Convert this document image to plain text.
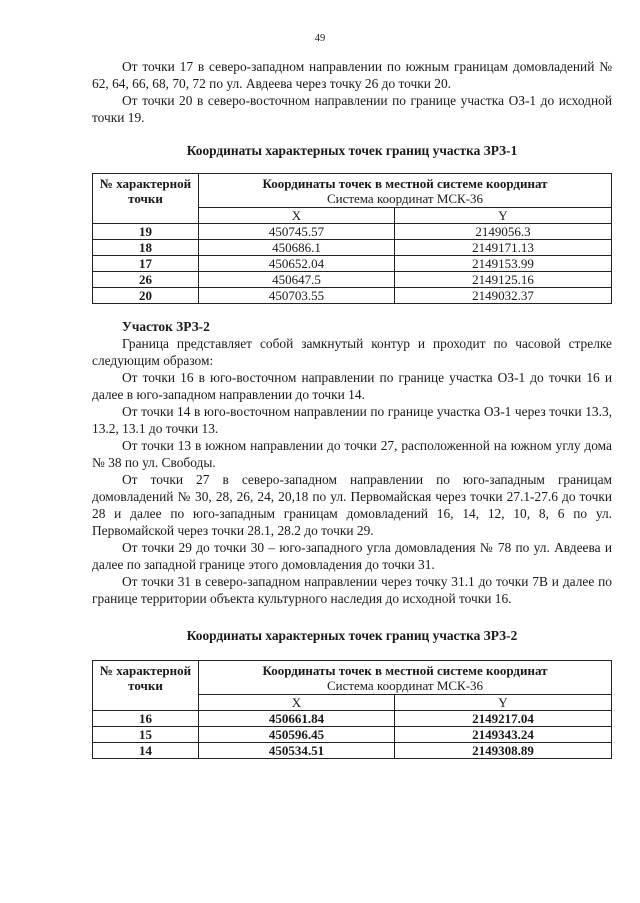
49

От точки 17 в северо-западном направлении по южным границам домовладений № 62, 64, 66, 68, 70, 72 по ул. Авдеева через точку 26 до точки 20.

От точки 20 в северо-восточном направлении по границе участка ОЗ-1 до исходной точки 19.

Координаты характерных точек границ участка ЗРЗ-1

№ характерной точки	Координаты точек в местной системе координат
Система координат МСК-36	

	X	Y
19	450745.57	2149056.3
18	450686.1	2149171.13
17	450652.04	2149153.99
26	450647.5	2149125.16
20	450703.55	2149032.37

Участок ЗРЗ-2

Граница представляет собой замкнутый контур и проходит по часовой стрелке следующим образом:

От точки 16 в юго-восточном направлении по границе участка ОЗ-1 до точки 16 и далее в юго-западном направлении до точки 14.

От точки 14 в юго-восточном направлении по границе участка ОЗ-1 через точки 13.3, 13.2, 13.1 до точки 13.

От точки 13 в южном направлении до точки 27, расположенной на южном углу дома № 38 по ул. Свободы.

От точки 27 в северо-западном направлении по юго-западным границам домовладений № 30, 28, 26, 24, 20,18 по ул. Первомайская через точки 27.1-27.6 до точки 28 и далее по юго-западным границам домовладений 16, 14, 12, 10, 8, 6 по ул. Первомайской через точки 28.1, 28.2 до точки 29.

От точки 29 до точки 30 – юго-западного угла домовладения № 78 по ул. Авдеева и далее по западной границе этого домовладения до точки 31.

От точки 31 в северо-западном направлении через точку 31.1 до точки 7В и далее по границе территории объекта культурного наследия до исходной точки 16.

Координаты характерных точек границ участка ЗРЗ-2

№ характерной точки	Координаты точек в местной системе координат
Система координат МСК-36	

	X	Y
16	450661.84	2149217.04
15	450596.45	2149343.24
14	450534.51	2149308.89
